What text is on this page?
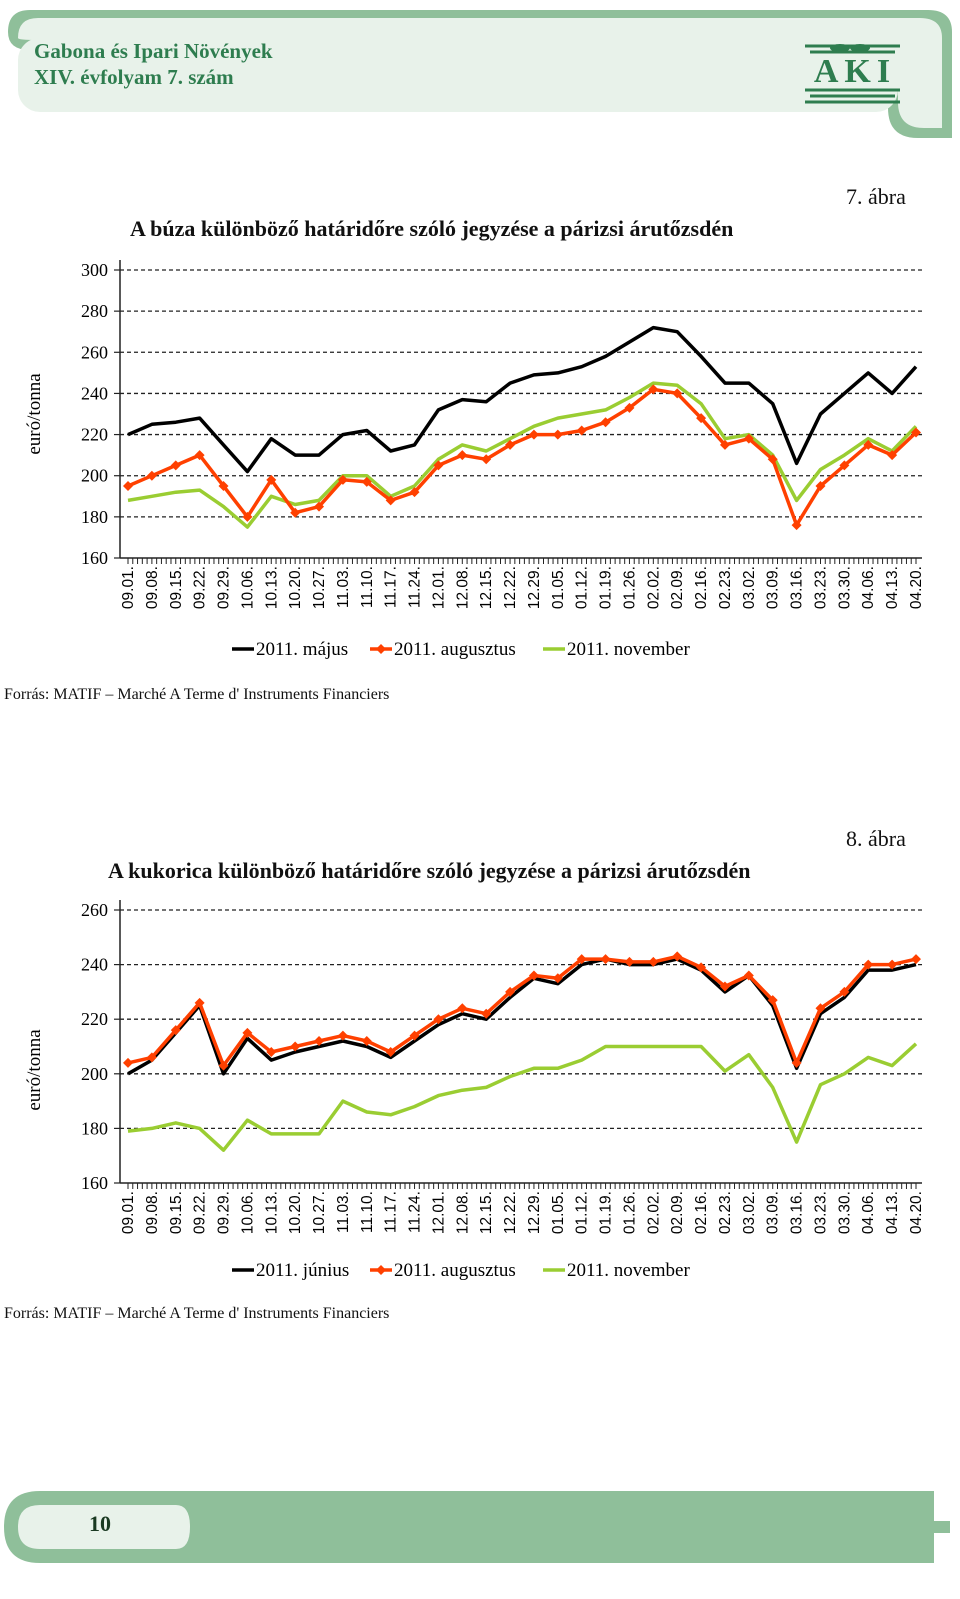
Gabona és Ipari Növények
XIV. évfolyam 7. szám	AKI
7. ábra
A búza különböző határidőre szóló jegyzése a párizsi árutőzsdén
euró/tonna
160
180
200
220
240
260
280
300
09.01. 09.08. 09.15. 09.22. 09.29. 10.06. 10.13. 10.20. 10.27. 11.03. 11.10. 11.17. 11.24. 12.01. 12.08. 12.15. 12.22. 12.29. 01.05. 01.12. 01.19. 01.26. 02.02. 02.09. 02.16. 02.23. 03.02. 03.09. 03.16. 03.23. 03.30. 04.06. 04.13. 04.20.
2011. május 2011. augusztus	2011. november
Forrás: MATIF – Marché A Terme d' Instruments Financiers
8. ábra
A kukorica különböző határidőre szóló jegyzése a párizsi árutőzsdén
euró/tonna
160
180
200
220
240
260
09.01. 09.08. 09.15. 09.22. 09.29. 10.06. 10.13. 10.20. 10.27. 11.03. 11.10. 11.17. 11.24. 12.01. 12.08. 12.15. 12.22. 12.29. 01.05. 01.12. 01.19. 01.26. 02.02. 02.09. 02.16. 02.23. 03.02. 03.09. 03.16. 03.23. 03.30. 04.06. 04.13. 04.20.
2011. június 2011. augusztus	2011. november
Forrás: MATIF – Marché A Terme d' Instruments Financiers
10
